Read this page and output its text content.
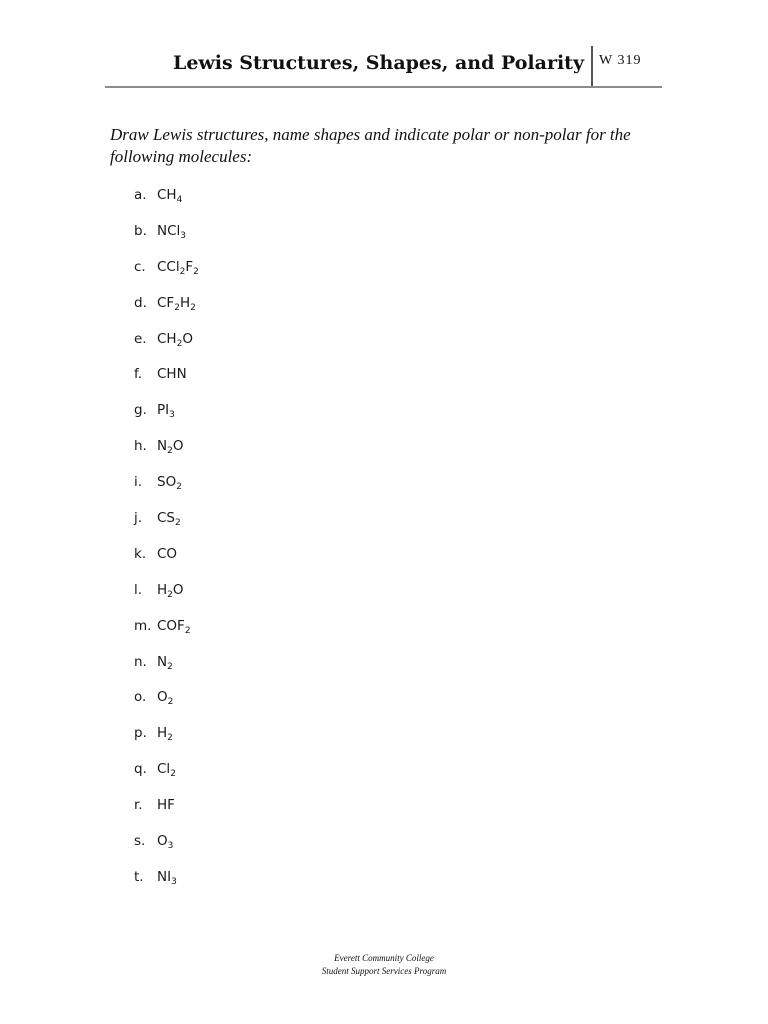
Lewis Structures, Shapes, and Polarity W 319
Draw Lewis structures, name shapes and indicate polar or non-polar for the following molecules:
a. $CH_4$
b. NCl$_3$
c. $CCl_2F_2$
d. $CF_2H_2$
e. $CH_2O$
f. CHN
g. $PI_3$
h. $N_2O$
i. $SO_2$
j. $CS_2$
k. CO
l. $H_2O$
m. $COF_2$
n. $N_2$
o. $O_2$
p. $H_2$
q. $Cl_2$
r. HF
s. $O_3$
t. $NI_3$
Everett Community College
Student Support Services Program
